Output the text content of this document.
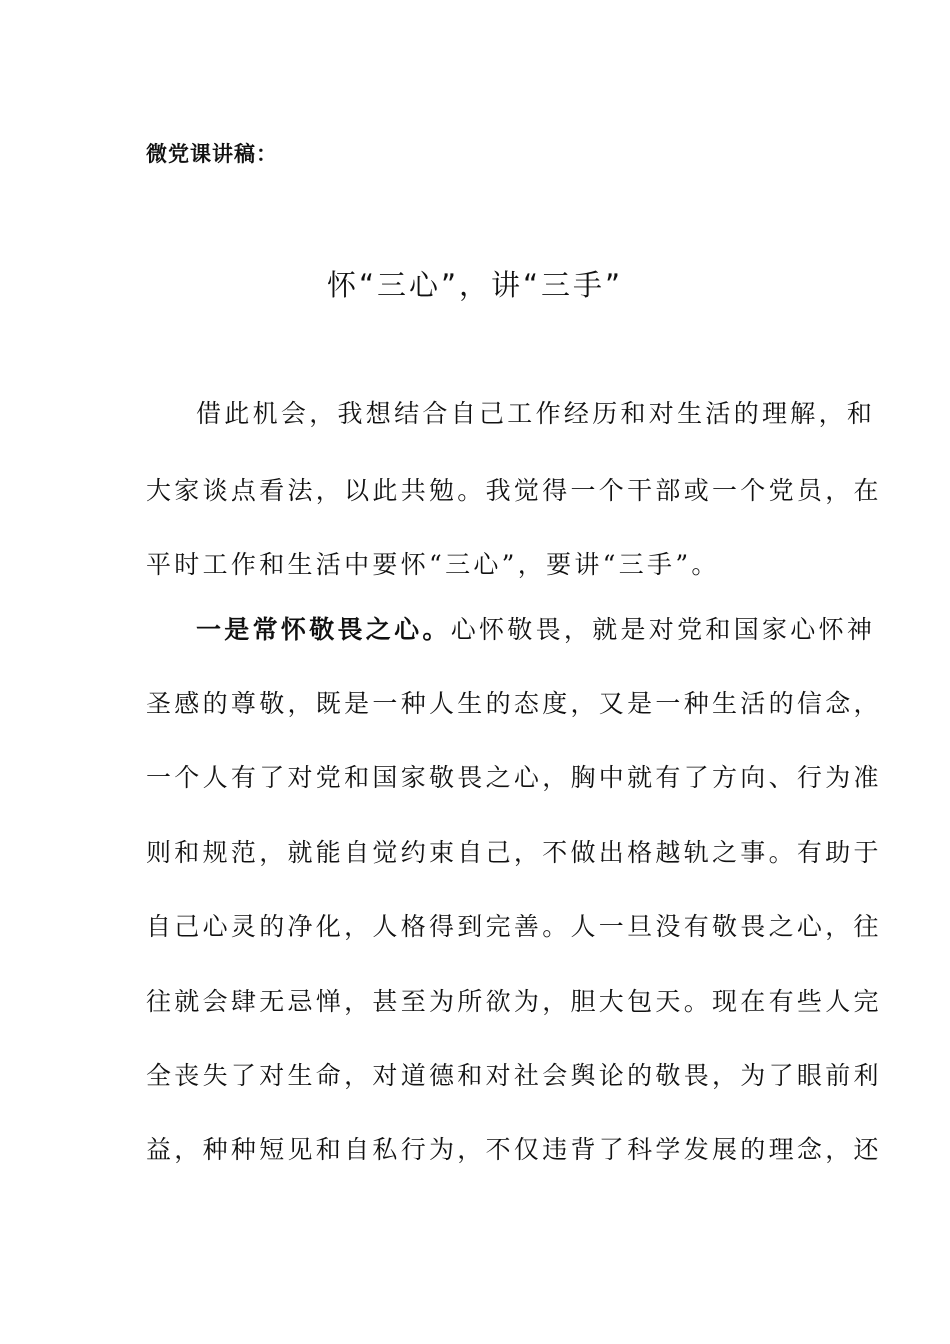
微党课讲稿：
怀“三心”，讲“三手”
借此机会，我想结合自己工作经历和对生活的理解，和
大家谈点看法，以此共勉。我觉得一个干部或一个党员，在
平时工作和生活中要怀“三心”，要讲“三手”。
一是常怀敬畏之心。心怀敬畏，就是对党和国家心怀神
圣感的尊敬，既是一种人生的态度，又是一种生活的信念，
一个人有了对党和国家敬畏之心，胸中就有了方向、行为准
则和规范，就能自觉约束自己，不做出格越轨之事。有助于
自己心灵的净化，人格得到完善。人一旦没有敬畏之心，往
往就会肆无忌惮，甚至为所欲为，胆大包天。现在有些人完
全丧失了对生命，对道德和对社会舆论的敬畏，为了眼前利
益，种种短见和自私行为，不仅违背了科学发展的理念，还
